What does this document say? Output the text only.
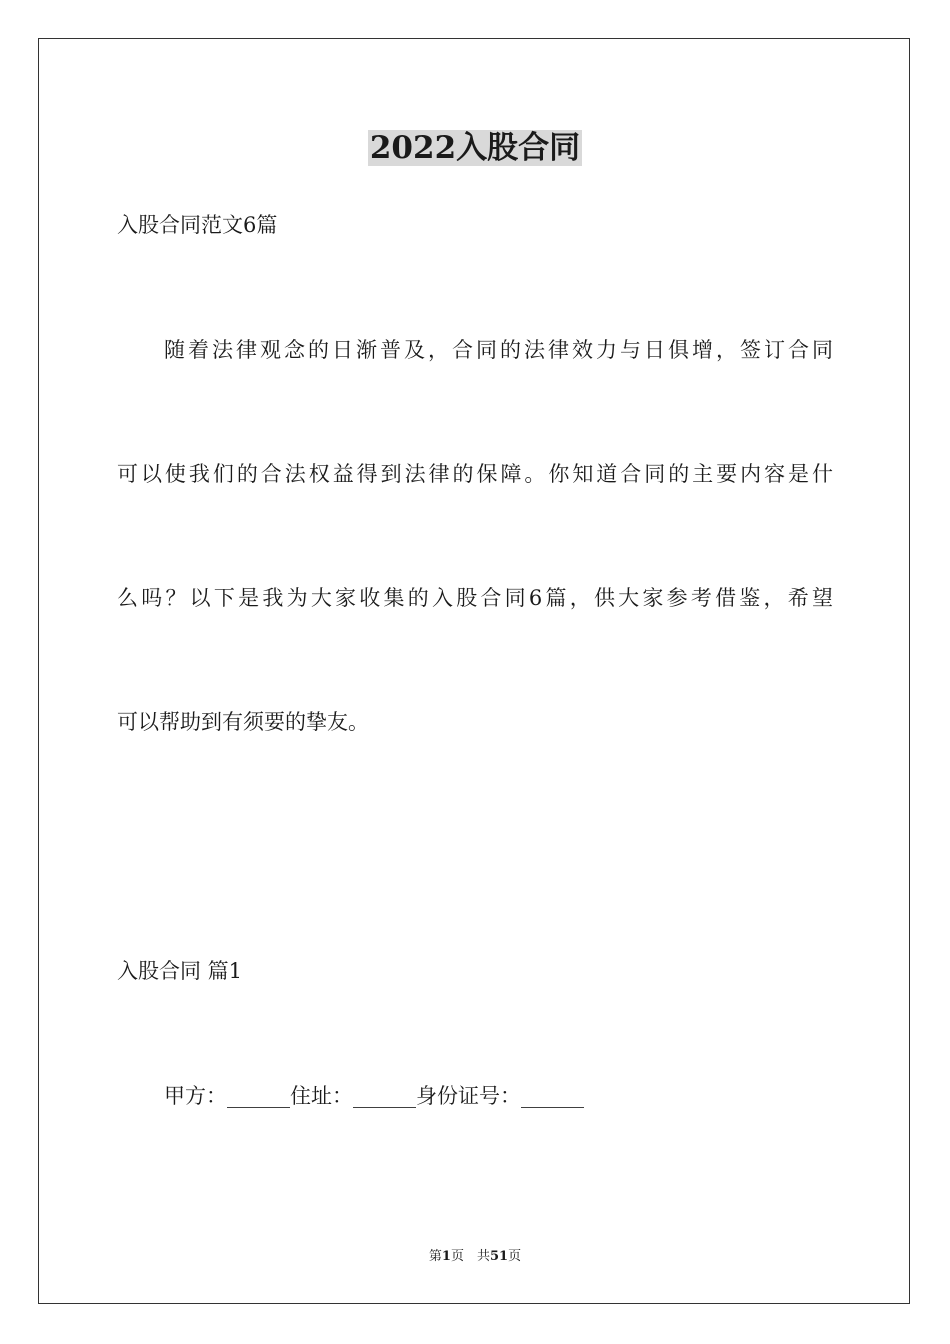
2022入股合同
入股合同范文6篇
随着法律观念的日渐普及，合同的法律效力与日俱增，签订合同
可以使我们的合法权益得到法律的保障。你知道合同的主要内容是什
么吗？以下是我为大家收集的入股合同6篇，供大家参考借鉴，希望
可以帮助到有须要的挚友。
入股合同 篇1
甲方：______住址：______身份证号：______
第1页　共51页
